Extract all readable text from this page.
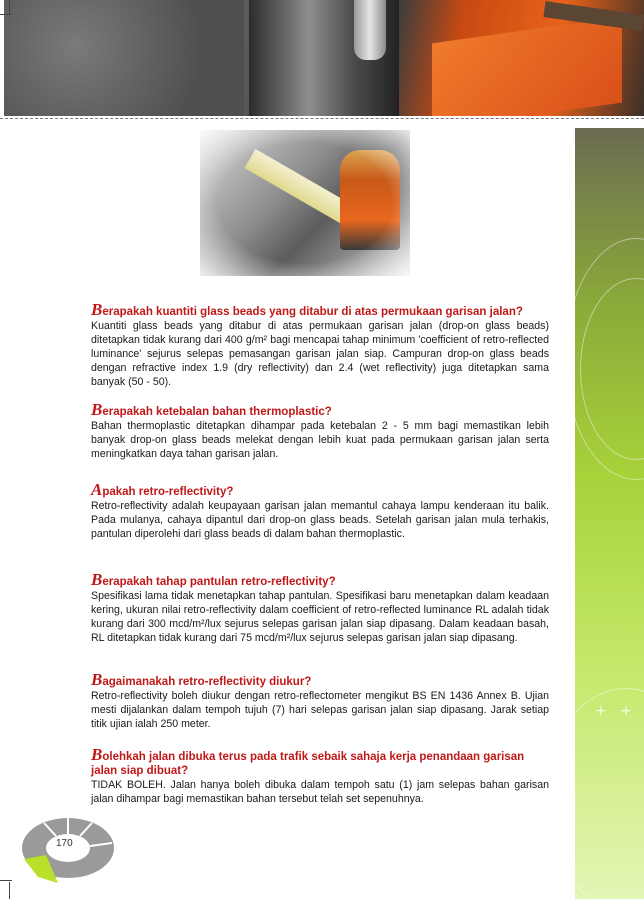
+ +
Berapakah kuantiti glass beads yang ditabur di atas permukaan garisan jalan?

Kuantiti glass beads yang ditabur di atas permukaan garisan jalan (drop-on glass beads) ditetapkan tidak kurang dari 400 g/m² bagi mencapai tahap minimum 'coefficient of retro-reflected luminance' sejurus selepas pemasangan garisan jalan siap. Campuran drop-on glass beads dengan refractive index 1.9 (dry reflectivity) dan 2.4 (wet reflectivity) juga ditetapkan sama banyak (50 - 50).

Berapakah ketebalan bahan thermoplastic?

Bahan thermoplastic ditetapkan dihampar pada ketebalan 2 - 5 mm bagi memastikan lebih banyak drop-on glass beads melekat dengan lebih kuat pada permukaan garisan jalan serta meningkatkan daya tahan garisan jalan.

Apakah retro-reflectivity?

Retro-reflectivity adalah keupayaan garisan jalan memantul cahaya lampu kenderaan itu balik. Pada mulanya, cahaya dipantul dari drop-on glass beads. Setelah garisan jalan mula terhakis, pantulan diperolehi dari glass beads di dalam bahan thermoplastic.

Berapakah tahap pantulan retro-reflectivity?

Spesifikasi lama tidak menetapkan tahap pantulan. Spesifikasi baru menetapkan dalam keadaan kering, ukuran nilai retro-reflectivity dalam coefficient of retro-reflected luminance RL adalah tidak kurang dari 300 mcd/m²/lux sejurus selepas garisan jalan siap dipasang. Dalam keadaan basah, RL ditetapkan tidak kurang dari 75 mcd/m²/lux sejurus selepas garisan jalan siap dipasang.

Bagaimanakah retro-reflectivity diukur?

Retro-reflectivity boleh diukur dengan retro-reflectometer mengikut BS EN 1436 Annex B. Ujian mesti dijalankan dalam tempoh tujuh (7) hari selepas garisan jalan siap dipasang. Jarak setiap titik ujian ialah 250 meter.

Bolehkah jalan dibuka terus pada trafik sebaik sahaja kerja penandaan garisan jalan siap dibuat?

TIDAK BOLEH. Jalan hanya boleh dibuka dalam tempoh satu (1) jam selepas bahan garisan jalan dihampar bagi memastikan bahan tersebut telah set sepenuhnya.

170
